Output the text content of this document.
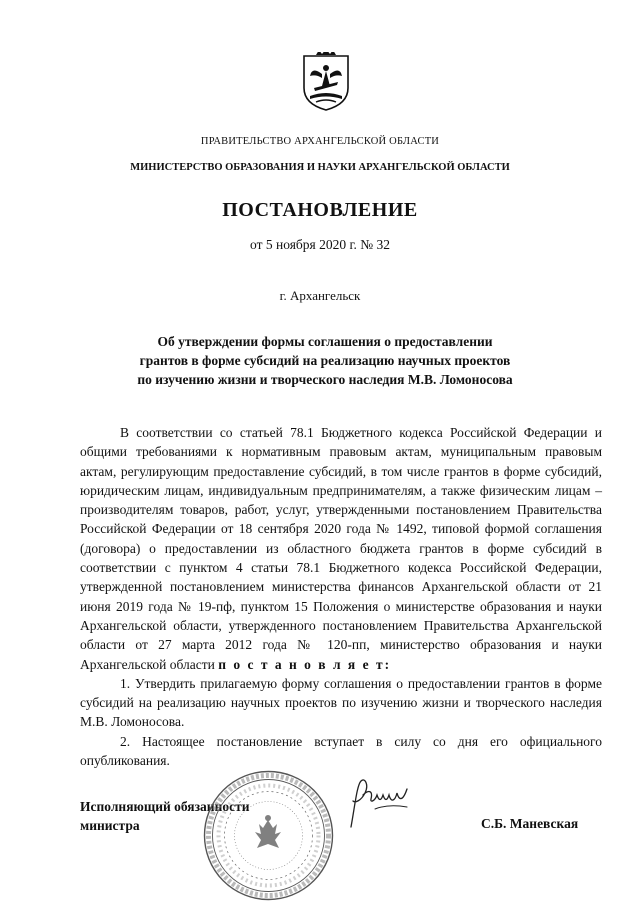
ПРАВИТЕЛЬСТВО АРХАНГЕЛЬСКОЙ ОБЛАСТИ
МИНИСТЕРСТВО ОБРАЗОВАНИЯ И НАУКИ АРХАНГЕЛЬСКОЙ ОБЛАСТИ
ПОСТАНОВЛЕНИЕ
от 5 ноября 2020 г. № 32
г. Архангельск
Об утверждении формы соглашения о предоставлении
грантов в форме субсидий на реализацию научных проектов
по изучению жизни и творческого наследия М.В. Ломоносова

В соответствии со статьей 78.1 Бюджетного кодекса Российской Федерации и общими требованиями к нормативным правовым актам, муниципальным правовым актам, регулирующим предоставление субсидий, в том числе грантов в форме субсидий, юридическим лицам, индивидуальным предпринимателям, а также физическим лицам – производителям товаров, работ, услуг, утвержденными постановлением Правительства Российской Федерации от 18 сентября 2020 года № 1492, типовой формой соглашения (договора) о предоставлении из областного бюджета грантов в форме субсидий в соответствии с пунктом 4 статьи 78.1 Бюджетного кодекса Российской Федерации, утвержденной постановлением министерства финансов Архангельской области от 21 июня 2019 года № 19-пф, пунктом 15 Положения о министерстве образования и науки Архангельской области, утвержденного постановлением Правительства Архангельской области от 27 марта 2012 года № 120-пп, министерство образования и науки Архангельской области п о с т а н о в л я е т:

1. Утвердить прилагаемую форму соглашения о предоставлении грантов в форме субсидий на реализацию научных проектов по изучению жизни и творческого наследия М.В. Ломоносова.

2. Настоящее постановление вступает в силу со дня его официального опубликования.

Исполняющий обязанности
министра	С.Б. Маневская
